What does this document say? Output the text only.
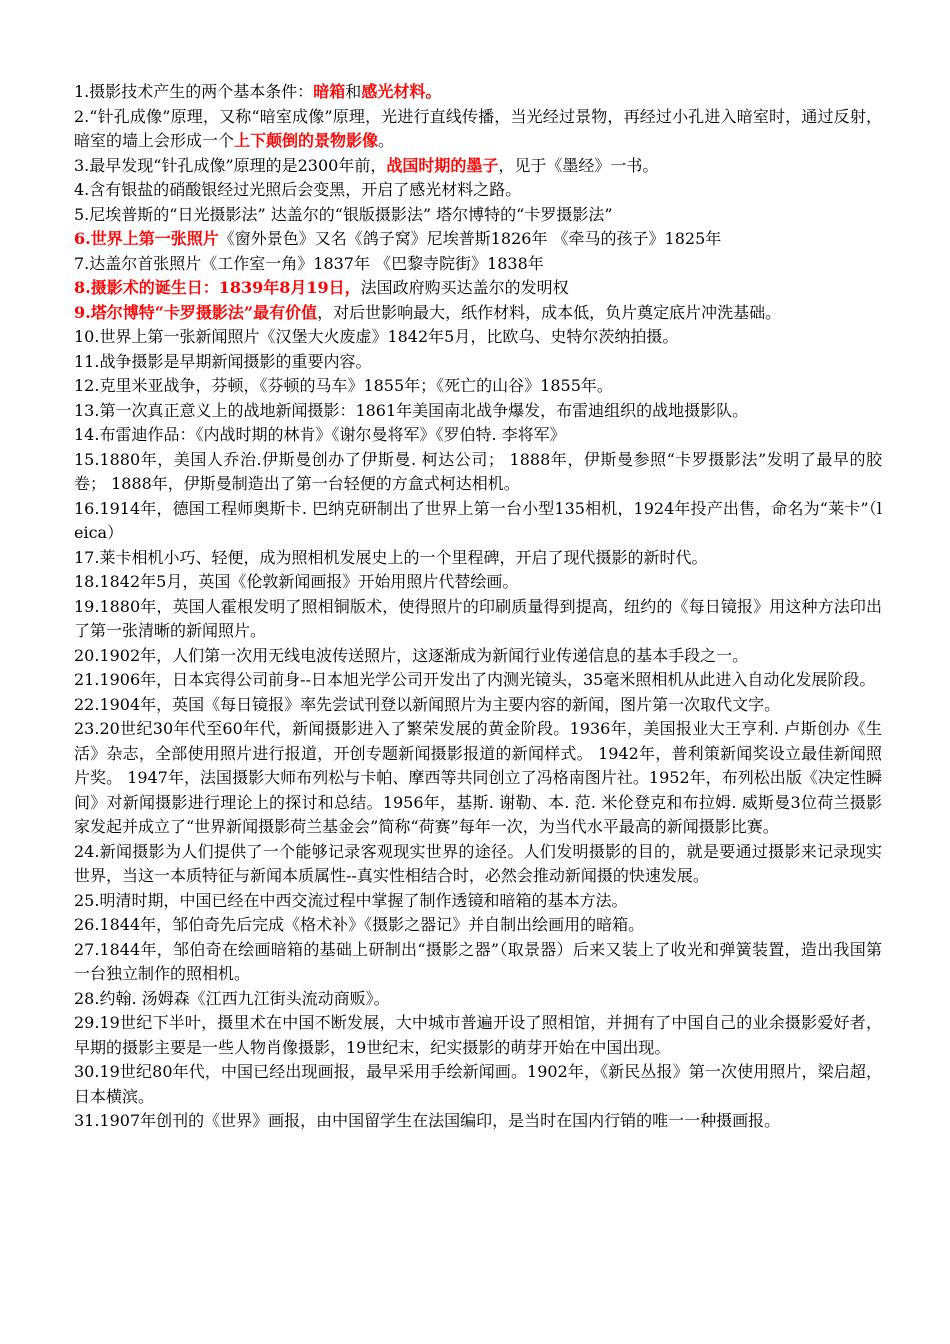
1.摄影技术产生的两个基本条件：暗箱和感光材料。

2.“针孔成像”原理，又称“暗室成像”原理，光进行直线传播，当光经过景物，再经过小孔进入暗室时，通过反射，暗室的墙上会形成一个上下颠倒的景物影像。

3.最早发现“针孔成像”原理的是2300年前，战国时期的墨子，见于《墨经》一书。

4.含有银盐的硝酸银经过光照后会变黑，开启了感光材料之路。

5.尼埃普斯的“日光摄影法” 达盖尔的“银版摄影法” 塔尔博特的“卡罗摄影法”

6.世界上第一张照片《窗外景色》又名《鸽子窝》尼埃普斯1826年 《牵马的孩子》1825年

7.达盖尔首张照片《工作室一角》1837年 《巴黎寺院街》1838年

8.摄影术的诞生日：1839年8月19日，法国政府购买达盖尔的发明权

9.塔尔博特“卡罗摄影法”最有价值，对后世影响最大，纸作材料，成本低，负片奠定底片冲洗基础。

10.世界上第一张新闻照片《汉堡大火废虚》1842年5月，比欧乌、史特尔茨纳拍摄。

11.战争摄影是早期新闻摄影的重要内容。

12.克里米亚战争，芬顿，《芬顿的马车》1855年；《死亡的山谷》1855年。

13.第一次真正意义上的战地新闻摄影：1861年美国南北战争爆发，布雷迪组织的战地摄影队。

14.布雷迪作品：《内战时期的林肯》《谢尔曼将军》《罗伯特. 李将军》

15.1880年，美国人乔治.伊斯曼创办了伊斯曼. 柯达公司； 1888年，伊斯曼参照“卡罗摄影法”发明了最早的胶卷； 1888年，伊斯曼制造出了第一台轻便的方盒式柯达相机。

16.1914年，德国工程师奥斯卡. 巴纳克研制出了世界上第一台小型135相机，1924年投产出售，命名为“莱卡”（leica）

17.莱卡相机小巧、轻便，成为照相机发展史上的一个里程碑，开启了现代摄影的新时代。

18.1842年5月，英国《伦敦新闻画报》开始用照片代替绘画。

19.1880年，英国人霍根发明了照相铜版术，使得照片的印刷质量得到提高，纽约的《每日镜报》用这种方法印出了第一张清晰的新闻照片。

20.1902年，人们第一次用无线电波传送照片，这逐渐成为新闻行业传递信息的基本手段之一。

21.1906年，日本宾得公司前身--日本旭光学公司开发出了内测光镜头，35毫米照相机从此进入自动化发展阶段。

22.1904年，英国《每日镜报》率先尝试刊登以新闻照片为主要内容的新闻，图片第一次取代文字。

23.20世纪30年代至60年代，新闻摄影进入了繁荣发展的黄金阶段。1936年，美国报业大王亨利. 卢斯创办《生活》杂志，全部使用照片进行报道，开创专题新闻摄影报道的新闻样式。 1942年，普利策新闻奖设立最佳新闻照片奖。 1947年，法国摄影大师布列松与卡帕、摩西等共同创立了冯格南图片社。1952年，布列松出版《决定性瞬间》对新闻摄影进行理论上的探讨和总结。1956年，基斯. 谢勒、本. 范. 米伦登克和布拉姆. 威斯曼3位荷兰摄影家发起并成立了“世界新闻摄影荷兰基金会”简称“荷赛”每年一次，为当代水平最高的新闻摄影比赛。

24.新闻摄影为人们提供了一个能够记录客观现实世界的途径。人们发明摄影的目的，就是要通过摄影来记录现实世界，当这一本质特征与新闻本质属性--真实性相结合时，必然会推动新闻摄的快速发展。

25.明清时期，中国已经在中西交流过程中掌握了制作透镜和暗箱的基本方法。

26.1844年，邹伯奇先后完成《格术补》《摄影之器记》并自制出绘画用的暗箱。

27.1844年，邹伯奇在绘画暗箱的基础上研制出“摄影之器”（取景器）后来又装上了收光和弹簧装置，造出我国第一台独立制作的照相机。

28.约翰. 汤姆森《江西九江街头流动商贩》。

29.19世纪下半叶，摄里术在中国不断发展，大中城市普遍开设了照相馆，并拥有了中国自己的业余摄影爱好者，早期的摄影主要是一些人物肖像摄影，19世纪末，纪实摄影的萌芽开始在中国出现。

30.19世纪80年代，中国已经出现画报，最早采用手绘新闻画。1902年，《新民丛报》第一次使用照片，梁启超，日本横滨。

31.1907年创刊的《世界》画报，由中国留学生在法国编印，是当时在国内行销的唯一一种摄画报。
